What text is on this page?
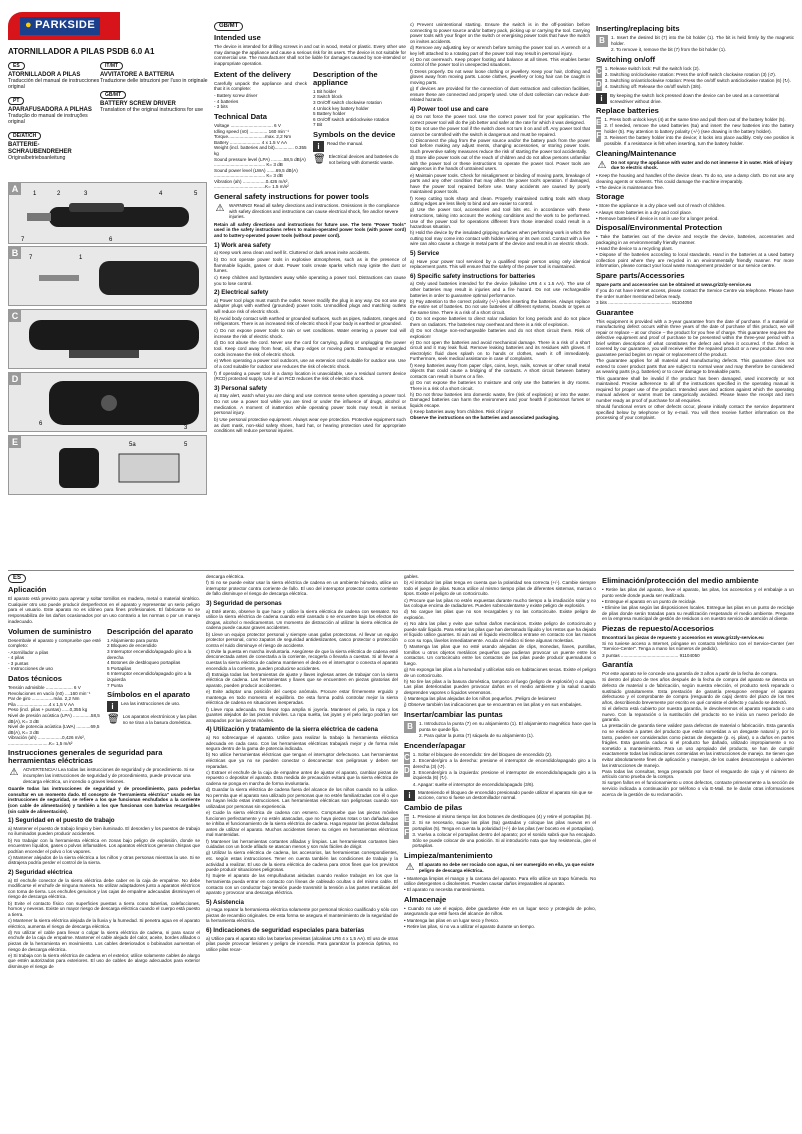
● PARKSIDE
ATORNILLADOR A PILAS PSDB 6.0 A1
ES
ATORNILLADOR A PILAS
Traducción del manual de instrucciones original
PT
APARAFUSADORA A PILHAS
Tradução do manual de instruções original
DE/AT/CH
BATTERIE-SCHRAUBENDREHER
Originalbetriebsanleitung
IT/MT
AVVITATORE A BATTERIA
Traduzione delle istruzioni per l'uso in originale
GB/MT
BATTERY SCREW DRIVER
Translation of the original instructions for use
A	1	2	3	4	5
6
7
B	7	1
C
D
6
3
E	5a	5
GB/MT
Intended use

The device is intended for drilling screws in and out in wood, metal or plastic. Every other use may damage the appliance and cause a serious risk for its users. The device is not suitable for commercial use. The manufacturer shall not be liable for damages caused by non-intended or inappropriate operation.

Extent of the delivery

Carefully unpack the appliance and check that it is complete:

- Battery screw driver
- 4 batteries
- 3 bits
Technical Data
Voltage ................................. 6 V
Idling speed (n0) .............. 160 min⁻¹
Torque.............................max. 2,2 Nm
Battery ........................ 4 x 1.5 V AA
Weight (incl. batteries and bit)............... 0.355 kg
Sound pressure level (LPA) ..........58,5 dB(A)
........................................ K= 3 dB
Sound power level (LWA) .......69,5 dB(A)
........................................ K= 3 dB
Vibration (ah) ..................0.426 m/s²,
........................................K= 1.5 m/s²
Description of the appliance
1 Bit holder
2 Switch block
3 On/Off switch clockwise rotation
4 Unlock key battery holder
5 Battery holder
6 On/Off switch anticlockwise rotation
7 Bit
Symbols on the device
i	Read the manual.
🗑 Electrical devices and batteries do not belong with domestic waste.
General safety instructions for power tools
⚠ WARNING! Read all safety directions and instructions. Omissions in the compliance with safety directions and instructions can cause electrical shock, fire and/or severe injuries.

Retain all safety directions and instructions for future use. The term "Power Tools" used in the safety instructions refers to mains-operated power tools (with power cord) and to battery-operated power tools (without power cord).

1) Work area safety

a) Keep work area clean and well lit. Cluttered or dark areas invite accidents.

b) Do not operate power tools in explosive atmospheres, such as in the presence of flammable liquids, gases or dust. Power tools create sparks which may ignite the dust or fumes.

c) Keep children and bystanders away while operating a power tool. Distractions can cause you to lose control.

2) Electrical safety

a) Power tool plugs must match the outlet. Never modify the plug in any way. Do not use any adapter plugs with earthed (grounded) power tools. Unmodified plugs and matching outlets will reduce risk of electric shock.

b) Avoid body contact with earthed or grounded surfaces, such as pipes, radiators, ranges and refrigerators. There is an increased risk of electric shock if your body is earthed or grounded.

c) Do not expose power tools to rain or wet conditions. Water entering a power tool will increase the risk of electric shock.

d) Do not abuse the cord. Never use the cord for carrying, pulling or unplugging the power tool. Keep cord away from heat, oil, sharp edges or moving parts. Damaged or entangled cords increase the risk of electric shock.

e) When operating a power tool outdoors, use an extension cord suitable for outdoor use. Use of a cord suitable for outdoor use reduces the risk of electric shock.

f) If operating a power tool in a damp location is unavoidable, use a residual current device (RCD) protected supply. Use of an RCD reduces the risk of electric shock.

3) Personal safety

a) Stay alert, watch what you are doing and use common sense when operating a power tool. Do not use a power tool while you are tired or under the influence of drugs, alcohol or medication. A moment of inattention while operating power tools may result in serious personal injury.

b) Use personal protective equipment. Always wear eye protection. Protective equipment such as dust mask, non-skid safety shoes, hard hat, or hearing protection used for appropriate conditions will reduce personal injuries.

c) Prevent unintentional starting. Ensure the switch is in the off-position before connecting to power source and/or battery pack, picking up or carrying the tool. Carrying power tools with your finger on the switch or energising power tools that have the switch on invites accidents.

d) Remove any adjusting key or wrench before turning the power tool on. A wrench or a key left attached to a rotating part of the power tool may result in personal injury.

e) Do not overreach. Keep proper footing and balance at all times. This enables better control of the power tool in unexpected situations.

f) Dress properly. Do not wear loose clothing or jewellery. Keep your hair, clothing and gloves away from moving parts. Loose clothes, jewellery or long hair can be caught in moving parts.

g) If devices are provided for the connection of dust extraction and collection facilities, ensure these are connected and properly used. Use of dust collection can reduce dust-related hazards.

4) Power tool use and care

a) Do not force the power tool. Use the correct power tool for your application. The correct power tool will do the job better and safer at the rate for which it was designed.

b) Do not use the power tool if the switch does not turn it on and off. Any power tool that cannot be controlled with the switch is dangerous and must be repaired.

c) Disconnect the plug from the power source and/or the battery pack from the power tool before making any adjust ments, changing accessories, or storing power tools. Such preventive safety measures reduce the risk of starting the power tool accidentally.

d) Store idle power tools out of the reach of children and do not allow persons unfamiliar with the power tool or these instructions to operate the power tool. Power tools are dangerous in the hands of untrained users.

e) Maintain power tools. Check for misalignment or binding of moving parts, breakage of parts and any other condition that may affect the power tool's operation. If damaged, have the power tool repaired before use. Many accidents are caused by poorly maintained power tools.

f) Keep cutting tools sharp and clean. Properly maintained cutting tools with sharp cutting edges are less likely to bind and are easier to control.

g) Use the power tool, accessories and tool bits etc. in accordance with these instructions, taking into account the working conditions and the work to be performed. Use of the power tool for operations different from those intended could result in a hazardous situation.

h) Hold the device by the insulated gripping surfaces when performing work in which the cutting tool may come into contact with hidden wiring or its own cord. Contact with a live wire can also cause a charge in metal parts of the device and result in an electric shock.

5) Service

a) Have your power tool serviced by a qualified repair person using only identical replacement parts. This will ensure that the safety of the power tool is maintained.

6) Specific safety instructions for batteries

a) Only used batteries intended for the device (alkaline LR6 4 x 1.5 AA). The use of other batteries may result in injuries and a fire hazard. Do not use rechargeable batteries in order to guarantee optimal performance.

b) Pay attention to the correct polarity (+/-) when inserting the batteries. Always replace the entire set of batteries. Do not use batteries of different systems, brands or types at the same time. There is a risk of a short circuit.

c) Do not expose batteries to direct solar radiation for long periods and do not place them on radiators. The batteries may overheat and there is a risk of explosion.

d) Do not charge non-rechargeable batteries and do not short circuit them. Risk of explosion!

e) Do not open the batteries and avoid mechanical damage. There is a risk of a short circuit and it may leak fluid. Remove leaking batteries and its residues with gloves. If electrolytic fluid does splash on to hands or clothes, wash it off immediately. Furthermore, seek medical assistance in case of complaints.

f) Keep batteries away from paper clips, coins, keys, nails, screws or other small metal objects that could cause a bridging of the contacts. A short circuit between battery contacts can result in burns or a fire.

g) Do not expose the batteries to moisture and only use the batteries in dry rooms. There is a risk of a short circuit.

h) Do not throw batteries into domestic waste, fire (risk of explosion) or into the water. Damaged batteries can harm the environment and your health if poisonous fumes or liquids escape.

i) Keep batteries away from children. Risk of injury!

Observe the instructions on the batteries and associated packaging.

Inserting/replacing bits
B	1. Insert the desired bit (7) into the bit holder (1). The bit is held firmly by the magnetic holder.

2. To remove it, remove the bit (7) from the bit holder (1).

Switching on/off
C
D

1. Release switch lock: Pull the switch lock (2).

2. Switching on/clockwise rotation: Press the on/off switch clockwise rotation (3) (↺).

3. Switching on/anticlockwise rotation: Press the on/off switch anticlockwise rotation (6) (↻).

4. Switching off: Release the on/off switch (3/6).

i	By keeping the switch lock pressed down the device can be used as a conventional screwdriver without drive.
Replace batteries
E
F

1. Press both unlock keys (4) at the same time and pull them out of the battery holder (5).

2. If needed, remove the used batteries (5a) and insert the new batteries into the battery holder (5). Pay attention to battery polarity (+/-) (see drawing in the battery holder).

3. Reinsert the battery holder into the device; it locks into place audibly. Only one position is possible. If a resistance is felt when inserting, turn the battery holder.

Cleaning/Maintenance
⚠ Do not spray the appliance with water and do not immerse it in water. Risk of injury due to electric shock.

• Keep the housing and handles of the device clean. To do so, use a damp cloth. Do not use any cleaning agents or solvents. This could damage the machine irreparably.

• The device is maintenance free.

Storage

• Store the appliance in a dry place well out of reach of children.

• Always store batteries in a dry and cool place.

• Remove batteries if device is not in use for a longer period.

Disposal/Environmental Protection

• Take the batteries out of the device and recycle the device, batteries, accessories and packaging in an environmentally friendly manner.

• Hand the device to a recycling plant.

• Dispose of the batteries according to local standards. Hand in the batteries at a used battery collection point where they are recycled in an environmentally friendly manner. For more information, please contact your local waste management provider or our service centre.

Spare parts/Accessories

Spare parts and accessories can be obtained at www.grizzly-service.eu

If you do not have internet access, please contact the Service Centre via telephone. Please have the order number mentioned below ready.

3 bits ................................................. 91104050

Guarantee

This equipment is provided with a 3-year guarantee from the date of purchase. If a material or manufacturing defect occurs within three years of the date of purchase of this product, we will repair or replace – at our choice – the product for you free of charge. This guarantee requires the defective equipment and proof of purchase to be presented within the three-year period with a brief written description of what constitutes the defect and when it occurred. If the defect is covered by our guarantee, you will receive either the repaired product or a new product. No new guarantee period begins on repair or replacement of the product.

The guarantee applies for all material and manufacturing defects. This guarantee does not extend to cover product parts that are subject to normal wear and may therefore be considered as wearing parts (e.g. batteries) or to cover damage to breakable parts.

This guarantee shall be invalid if the product has been damaged, used incorrectly or not maintained. Precise adherence to all of the instructions specified in the operating manual is required for proper use of the product. Intended uses and actions against which the operating manual advises or warns must be categorically avoided. Please leave the receipt and item number ready as proof of purchase for all enquiries.

Should functional errors or other defects occur, please initially contact the service department specified below by telephone or by e-mail. You will then receive further information on the processing of your complaint.

ES
Aplicación

El aparato está previsto para apretar y soltar tornillos en madera, metal o material sintético. Cualquier otro uso puede producir desperfectos en el aparato y representar un serio peligro para el usuario. Este aparato no es idóneo para fines profesionales. El fabricante no se responsabiliza de los daños ocasionados por un uso contrario a los normas o por un manejo inadecuado.

Volumen de suministro

Desembale el aparato y compruebe que esté completo:

- Atornillador a pilas
- 4 pilas
- 3 puntas
- Instrucciones de uso
Datos técnicos
Tensión admisible ..................... 6 V
Revoluciones en vacío (n0) ....160 min⁻¹
Par de giro .................máx. 2,2 Nm
Pila .........................4 x 1,5 V AA
Peso (incl. pilas + puntas) ......0,355 kg
Nivel de presión acústica (LPA) ..............58,5 dB(A), K= 3 dB
Nivel de potencia acústica (LWA) ...........69,5 dB(A), K= 3 dB
Vibración (ah) ...................0,426 m/s²,
................................K= 1,5 m/s²
Descripción del aparato
1 Alojamiento para punta
2 Bloqueo de encendido
3 Interruptor encendido/apagado giro a la derecha
4 Botones de desbloqueo portapilas
5 Portapilas
6 Interruptor encendido/apagado giro a la izquierda
7 Punta
Símbolos en el aparato
i	Lea las instrucciones de uso.
🗑 Los aparatos electrónicos y las pilas no se tiran a la basura doméstica.
Instrucciones generales de seguridad para herramientas eléctricas
⚠ ADVERTENCIA! Lea todas las instrucciones de seguridad y de procedimiento. Si se incumplen las instrucciones de seguridad y de procedimiento, puede provocar una descarga eléctrica, un incendio o graves lesiones.

Guarde todas las instrucciones de seguridad y de procedimiento, para poderlas consultar en un momento dado. El concepto de "herramienta eléctrica" usado en las instrucciones de seguridad, se refiere a los que funcionan enchufados a la corriente (con cable de alimentación) y también a los que funcionan con baterías recargables (sin cable de alimentación).

1) Seguridad en el puesto de trabajo

a) Mantener el puesto de trabajo limpio y bien iluminado. El desorden y los puestos de trabajo no iluminados pueden producir accidentes.

b) No trabajar con la herramienta eléctrica en zonas bajo peligro de explosión, donde se encuentren líquidos, gases o polvos inflamables. Los aparatos eléctricos generan chispas que podrían encender el polvo o los vapores.

c) Mantener alejados de la sierra eléctrica a los niños y otras personas mientras la use. Si se distrajera podría perder el control de la sierra.

2) Seguridad eléctrica

a) El enchufe conector de la sierra eléctrica debe caber en la caja de empalme. No debe modificarse el enchufe de ninguna manera. No utilizar adaptadores junto a aparatos eléctricos con toma de tierra. Los enchufes genuinos y las cajas de empalme adecuadas disminuyen el riesgo de descarga eléctrica.

b) Evite el contacto físico con superficies puestas a tierra como tuberías, calefacciones, hornos y neveras. Existe un mayor riesgo de descarga eléctrica cuando el cuerpo está puesto a tierra.

c) Mantener la sierra eléctrica alejada de la lluvia y la humedad. Si penetra agua en el aparato eléctrico, aumenta el riesgo de descarga eléctrica.

d) No utilizar el cable para llevar o colgar la sierra eléctrica de cadena, ni para sacar el enchufe de la caja de empalme. Mantener el cable alejado del calor, aceite, bordes afilados o piezas de la herramienta en movimiento. Los cables deteriorados o bobinados aumentan el riesgo de descarga eléctrica.

e) Si trabaja con la sierra eléctrica de cadena en el exterior, utilice solamente cables de alargo que estén autorizados para exteriores. El uso de cables de alargo adecuados para exterior disminuye el riesgo de

descarga eléctrica.

f) Si no se puede evitar usar la sierra eléctrica de cadena en un ambiente húmedo, utilice un interruptor protector contra corriente de fallo. El uso del interruptor protector contra corriente de fallo disminuye el riesgo de descarga eléctrica.

3) Seguridad de personas

a) Esté atento, observe lo que hace y utilice la sierra eléctrica de cadena con sensatez. No utilice la sierra eléctrica de cadena cuando esté cansado o se encuentre bajo los efectos de drogas, alcohol o medicamentos. Un momento de distracción al utilizar la sierra eléctrica de cadena puede causar graves accidentes.

b) Lleve un equipo protector personal y siempre unas gafas protectoras. Al llevar un equipo protector personal, como zapatos de seguridad antideslizantes, casco protector o protección contra el ruido disminuye el riesgo de accidente.

c) Evite la puesta en marcha involuntaria. Asegúrese de que la sierra eléctrica de cadena esté desconectada antes de conectarla a la corriente, recogerla o llevarla a cuestas. Si al llevar a cuestas la sierra eléctrica de cadena mantienen el dedo en el interruptor o conecta el aparato encendido a la corriente, pueden producirse accidentes.

d) Extraiga todas las herramientas de ajuste y llaves inglesas antes de trabajar con la sierra eléctrica de cadena. Las herramientas y llaves que se encuentren en piezas giratorias del aparato, pueden producir accidentes.

e) Evite adoptar una posición del cuerpo anómala. Procure estar firmemente erguido y mantenga en todo momento el equilibrio. De esta forma podrá controlar mejor la sierra eléctrica de cadena en situaciones inesperadas.

f) Lleve ropa adecuada. No llevar ropa amplia ni joyería. Mantener el pelo, la ropa y los guantes alejados de las piezas móviles. La ropa suelta, las joyas y el pelo largo podrían ser atrapados por las piezas móviles.

4) Utilización y tratamiento de la sierra eléctrica de cadena

a) No sobrecargue el aparato. Utilice para realizar la trabajo la herramienta eléctrica adecuada en cada caso. Con las herramientas eléctricas trabajará mejor y de forma más segura dentro de la gama de potencia indicada.

b) No utilice herramientas eléctricas que tengan el interruptor defectuoso. Las herramientas eléctricas que ya no se pueden conectar o desconectar son peligrosas y deben ser reparadas.

c) Extraer el enchufe de la caja de empalme antes de ajustar el aparato, cambiar piezas de repuesto o depositar el aparato. Esta medida de precaución evitará que la sierra eléctrica de cadena se ponga en marcha de forma involuntaria.

d) Guardar la sierra eléctrica de cadena fuera del alcance de los niños cuando no la utilice. No permita que el aparato sea utilizado por personas que no estén familiarizadas con él o que no hayan leído estas instrucciones. Las herramientas eléctricas son peligrosas cuando son utilizadas por personas sin experiencia.

e) Cuide la sierra eléctrica de cadena con esmero. Compruebe que las piezas móviles funcionen perfectamente y no estén atascadas, que no haya piezas rotas o tan dañadas que se inhiba el funcionamiento de la sierra eléctrica de cadena. Haga reparar las piezas dañadas antes de utilizar el aparato. Muchos accidentes tienen su origen en herramientas eléctricas mal mantenidas.

f) Mantener las herramientas cortantes afiladas y limpias. Las herramientas cortantes bien cuidadas con un borde afilado se atascan menos y son más fáciles de dirigir.

g) Utilizar la sierra eléctrica de cadena, los accesorios, las herramientas correspondientes, etc. según estas instrucciones. Tener en cuenta también las condiciones de trabajo y la actividad a realizar. El uso de la sierra eléctrica de cadena para otros fines que los previstos puede producir situaciones peligrosas.

h) Sujete el aparato de las empuñaduras aisladas cuando realice trabajos en los que la herramienta pueda entrar en contacto con líneas de cableado ocultas o del mismo cable. El contacto con un conductor bajo tensión puede transmitir la tensión a las partes metálicas del aparato y provocar una descarga eléctrica.

5) Asistencia

a) Haga reparar la herramienta eléctrica solamente por personal técnico cualificado y sólo con piezas de recambio originales. De esta forma se asegura el mantenimiento de la seguridad de la herramienta eléctrica.

6) Indicaciones de seguridad especiales para baterías

a) Utilice para el aparato sólo las baterías previstas (alcalinas LR6 4 x 1,5 AA). El uso de otras pilas puede provocar lesiones y peligro de incendio. Para garantizar la potencia óptima, no utilice pilas recar-

gables.

b) Al introducir las pilas tenga en cuenta que la polaridad sea correcta (+/-). Cambie siempre todo el juego de pilas. Nunca utilice al mismo tiempo pilas de diferentes sistemas, marcas o tipos. Existe el peligro de un cortocircuito.

c) Procure que las pilas no estén expuestas durante mucho tiempo a la irradiación solar y no las coloque encima de radiadores. Pueden sobrecalentarse y existe peligro de explosión.

d) No cargue las pilas que no son recargables y no las cortocircuite. Existe peligro de explosión.

e) No abra las pilas y evite que sufran daños mecánicos. Existe peligro de cortocircuito y puede salir líquido. Para retirar las pilas que han derramado líquido y los restos que ha dejado el líquido utilice guantes. Si aún así el líquido electrolítico entrase en contacto con las manos o con su ropa, lávelos inmediatamente. Acuda al médico si tiene algunas molestias.

f) Mantenga las pilas que no esté usando alejadas de clips, monedas, llaves, puntillas, tornillos u otros objetos metálicos pequeños que pudieran provocar un puente entre los contactos. Un cortocircuito entre los contactos de las pilas puede producir quemaduras o fuego.

g) No exponga las pilas a la humedad y utilícelas solo en habitaciones secas. Existe el peligro de un cortocircuito.

h) No tire las pilas a la basura doméstica, tampoco al fuego (peligro de explosión) o al agua. Las pilas deterioradas pueden provocar daños en el medio ambiente y la salud cuando desprenden vapores o líquidos venenosos.

i) Mantenga las pilas alejadas de los niños pequeños. ¡Peligro de lesiones!

j) Observe también las indicaciones que se encuentran en las pilas y en sus embalajes.

Insertar/cambiar las puntas
B	1. Introduzca la punta (7) en su alojamiento (1). El alojamiento magnético hace que la punta se quede fija.

2. Para quitar la punta (7) sáquela de su alojamiento (1).

Encender/apagar
C
D

1. Soltar el bloqueo de encendido: tire del bloqueo de encendido (2).

2. Encender/giro a la derecha: presione el interruptor de encendido/apagado giro a la derecha (3) (↺).

3. Encender/giro a la izquierda: presione el interruptor de encendido/apagado giro a la izquierda (6) (↻).

4. Apagar: suelte el interruptor de encendido/apagado (3/6).

i	Manteniendo el bloqueo de encendido presionado puede utilizar el aparato sin que se accione, como si fuese un destornillador normal.
Cambio de pilas
E
F

1. Presione al mismo tiempo los dos botones de desbloqueo (4) y retire el portapilas (5).

2. Si se necesario, saque las pilas (5a) gastadas y coloque las pilas nuevas en el portapilas (5). Tenga en cuenta la polaridad (+/-) de las pilas (ver boceto en el portapilas).

3. Vuelva a colocar el portapilas dentro del aparato; por el sonido sabrá que ha encajado. Sólo se puede colocar de una posición. Si al introducirlo nota que hay resistencia, gire el portapilas.

Limpieza/mantenimiento
⚠ El aparato no debe ser rociado con agua, ni ser sumergido en ella, ya que existe peligro de descarga eléctrica.

• Mantenga limpios el mango y la carcasa del aparato. Para ello utilice un trapo húmedo. No utilice detergentes o disolventes. Pueden causar daños irreparables al aparato.

• El aparato no necesita mantenimiento.

Almacenaje

• Cuando no use el equipo, debe guardarse éste en un lugar seco y protegido de polvo, asegurando que esté fuera del alcance de niños.

• Mantenga las pilas en un lugar seco y fresco.

• Retire las pilas, si no va a utilizar el aparato durante un tiempo.

Eliminación/protección del medio ambiente

• Retire las pilas del aparato, lleve el aparato, las pilas, los accesorios y el embalaje a un punto verde donde pueda ser reutilizado.

• Entregue el aparato en un punto de reciclaje.

• Elimine las pilas según las disposiciones locales. Entregue las pilas en un punto de reciclaje de pilas donde serán tratadas para su reutilización respetando el medio ambiente. Pregunte en la empresa municipal de gestión de residuos o en nuestro servicio de atención al cliente.

Piezas de repuesto/Accesorios

Encontrará las piezas de repuesto y accesorios en www.grizzly-service.eu

Si no tuviese acceso a Internet, póngase en contacto telefónico con el Service-Center (ver "Service-Center". Tenga a mano los números de pedido).

3 puntas ............................................. 91104050

Garantía

Por este aparato se le concede una garantía de 3 años a partir de la fecha de compra.

Si dentro del plazo de tres años después de la fecha de compra del aparato se detecta un defecto de material o de fabricación, según nuestra elección, el producto será reparado o sustituido gratuitamente. Esta prestación de garantía presupone entregar el aparato defectuoso y el comprobante de compra (resguardo de caja) dentro del plazo de los tres años, describiendo brevemente por escrito en qué consiste el defecto y cuándo se detectó.

Si el defecto está cubierto por nuestra garantía, le devolveremos el aparato reparado o uno nuevo. Con la reparación o la sustitución del producto no se inicia un nuevo período de garantía.

La prestación de garantía tiene validez para defectos de material o fabricación. Esta garantía no se extiende a partes del producto que están sometidas a un desgaste natural y, por lo tanto, pueden ser considerados como piezas de desgaste (p. ej. pilas), o a daños en partes frágiles. Esta garantía caduca si el producto fue dañado, utilizado impropiamente o no sometido a mantenimiento. Para un uso apropiado del producto, se han de cumplir exactamente todas las indicaciones contenidas en las instrucciones de manejo. Se tienen que evitar absolutamente fines de aplicación y manejos, de los cuales desaconsejan o advierten las instrucciones de manejo.

Para todas las consultas, tenga preparado por favor el resguardo de caja y el número de artículo como prueba de la compra.

Si surgen fallos en el funcionamiento u otros defectos, contacte primeramente a la sección de servicio indicada a continuación por teléfono o vía E-Mail. Se le darán otras informaciones acerca de la gestión de su reclamación.
